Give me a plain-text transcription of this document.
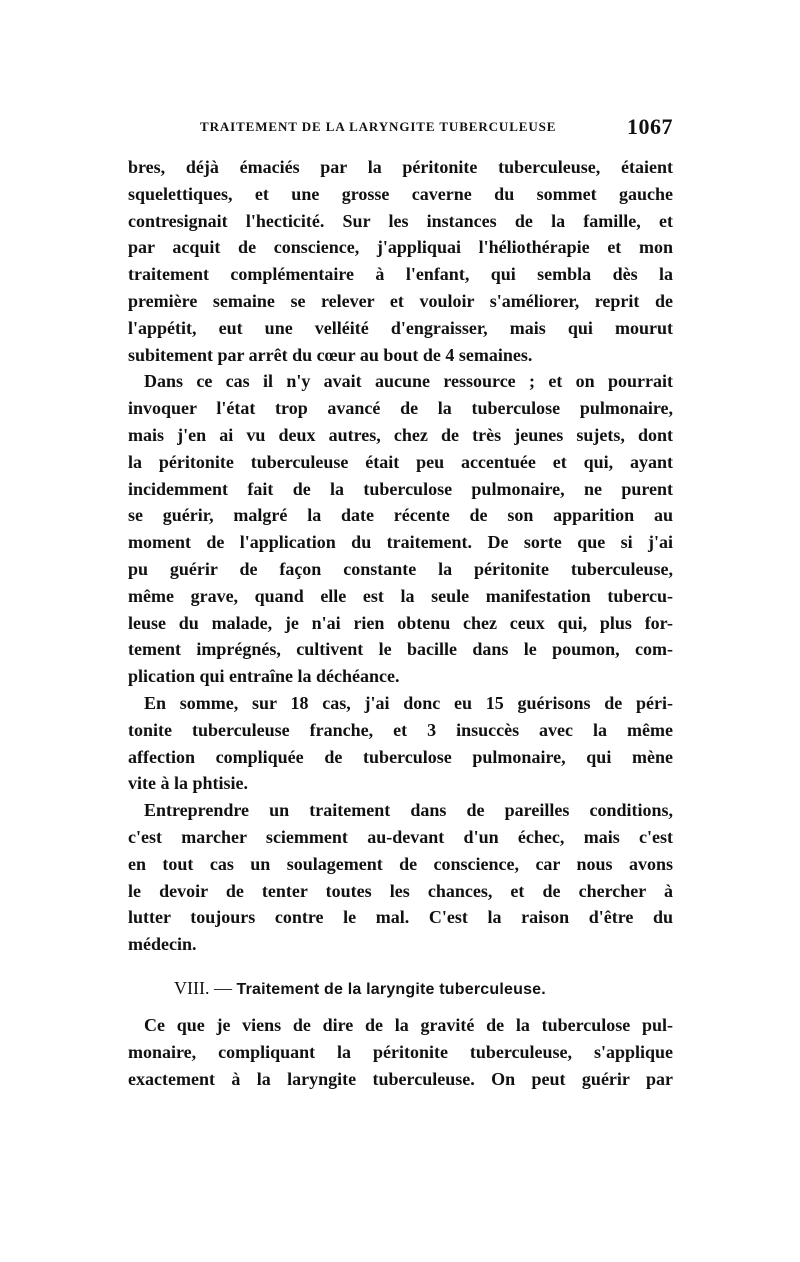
TRAITEMENT DE LA LARYNGITE TUBERCULEUSE	1067

bres, déjà émaciés par la péritonite tuberculeuse, étaient
squelettiques, et une grosse caverne du sommet gauche
contresignait l'hecticité. Sur les instances de la famille, et
par acquit de conscience, j'appliquai l'héliothérapie et mon
traitement complémentaire à l'enfant, qui sembla dès la
première semaine se relever et vouloir s'améliorer, reprit de
l'appétit, eut une velléité d'engraisser, mais qui mourut
subitement par arrêt du cœur au bout de 4 semaines.

Dans ce cas il n'y avait aucune ressource ; et on pourrait
invoquer l'état trop avancé de la tuberculose pulmonaire,
mais j'en ai vu deux autres, chez de très jeunes sujets, dont
la péritonite tuberculeuse était peu accentuée et qui, ayant
incidemment fait de la tuberculose pulmonaire, ne purent
se guérir, malgré la date récente de son apparition au
moment de l'application du traitement. De sorte que si j'ai
pu guérir de façon constante la péritonite tuberculeuse,
même grave, quand elle est la seule manifestation tubercu-
leuse du malade, je n'ai rien obtenu chez ceux qui, plus for-
tement imprégnés, cultivent le bacille dans le poumon, com-
plication qui entraîne la déchéance.

En somme, sur 18 cas, j'ai donc eu 15 guérisons de péri-
tonite tuberculeuse franche, et 3 insuccès avec la même
affection compliquée de tuberculose pulmonaire, qui mène
vite à la phtisie.

Entreprendre un traitement dans de pareilles conditions,
c'est marcher sciemment au-devant d'un échec, mais c'est
en tout cas un soulagement de conscience, car nous avons
le devoir de tenter toutes les chances, et de chercher à
lutter toujours contre le mal. C'est la raison d'être du
médecin.

VIII. — Traitement de la laryngite tuberculeuse.

Ce que je viens de dire de la gravité de la tuberculose pul-
monaire, compliquant la péritonite tuberculeuse, s'applique
exactement à la laryngite tuberculeuse. On peut guérir par
